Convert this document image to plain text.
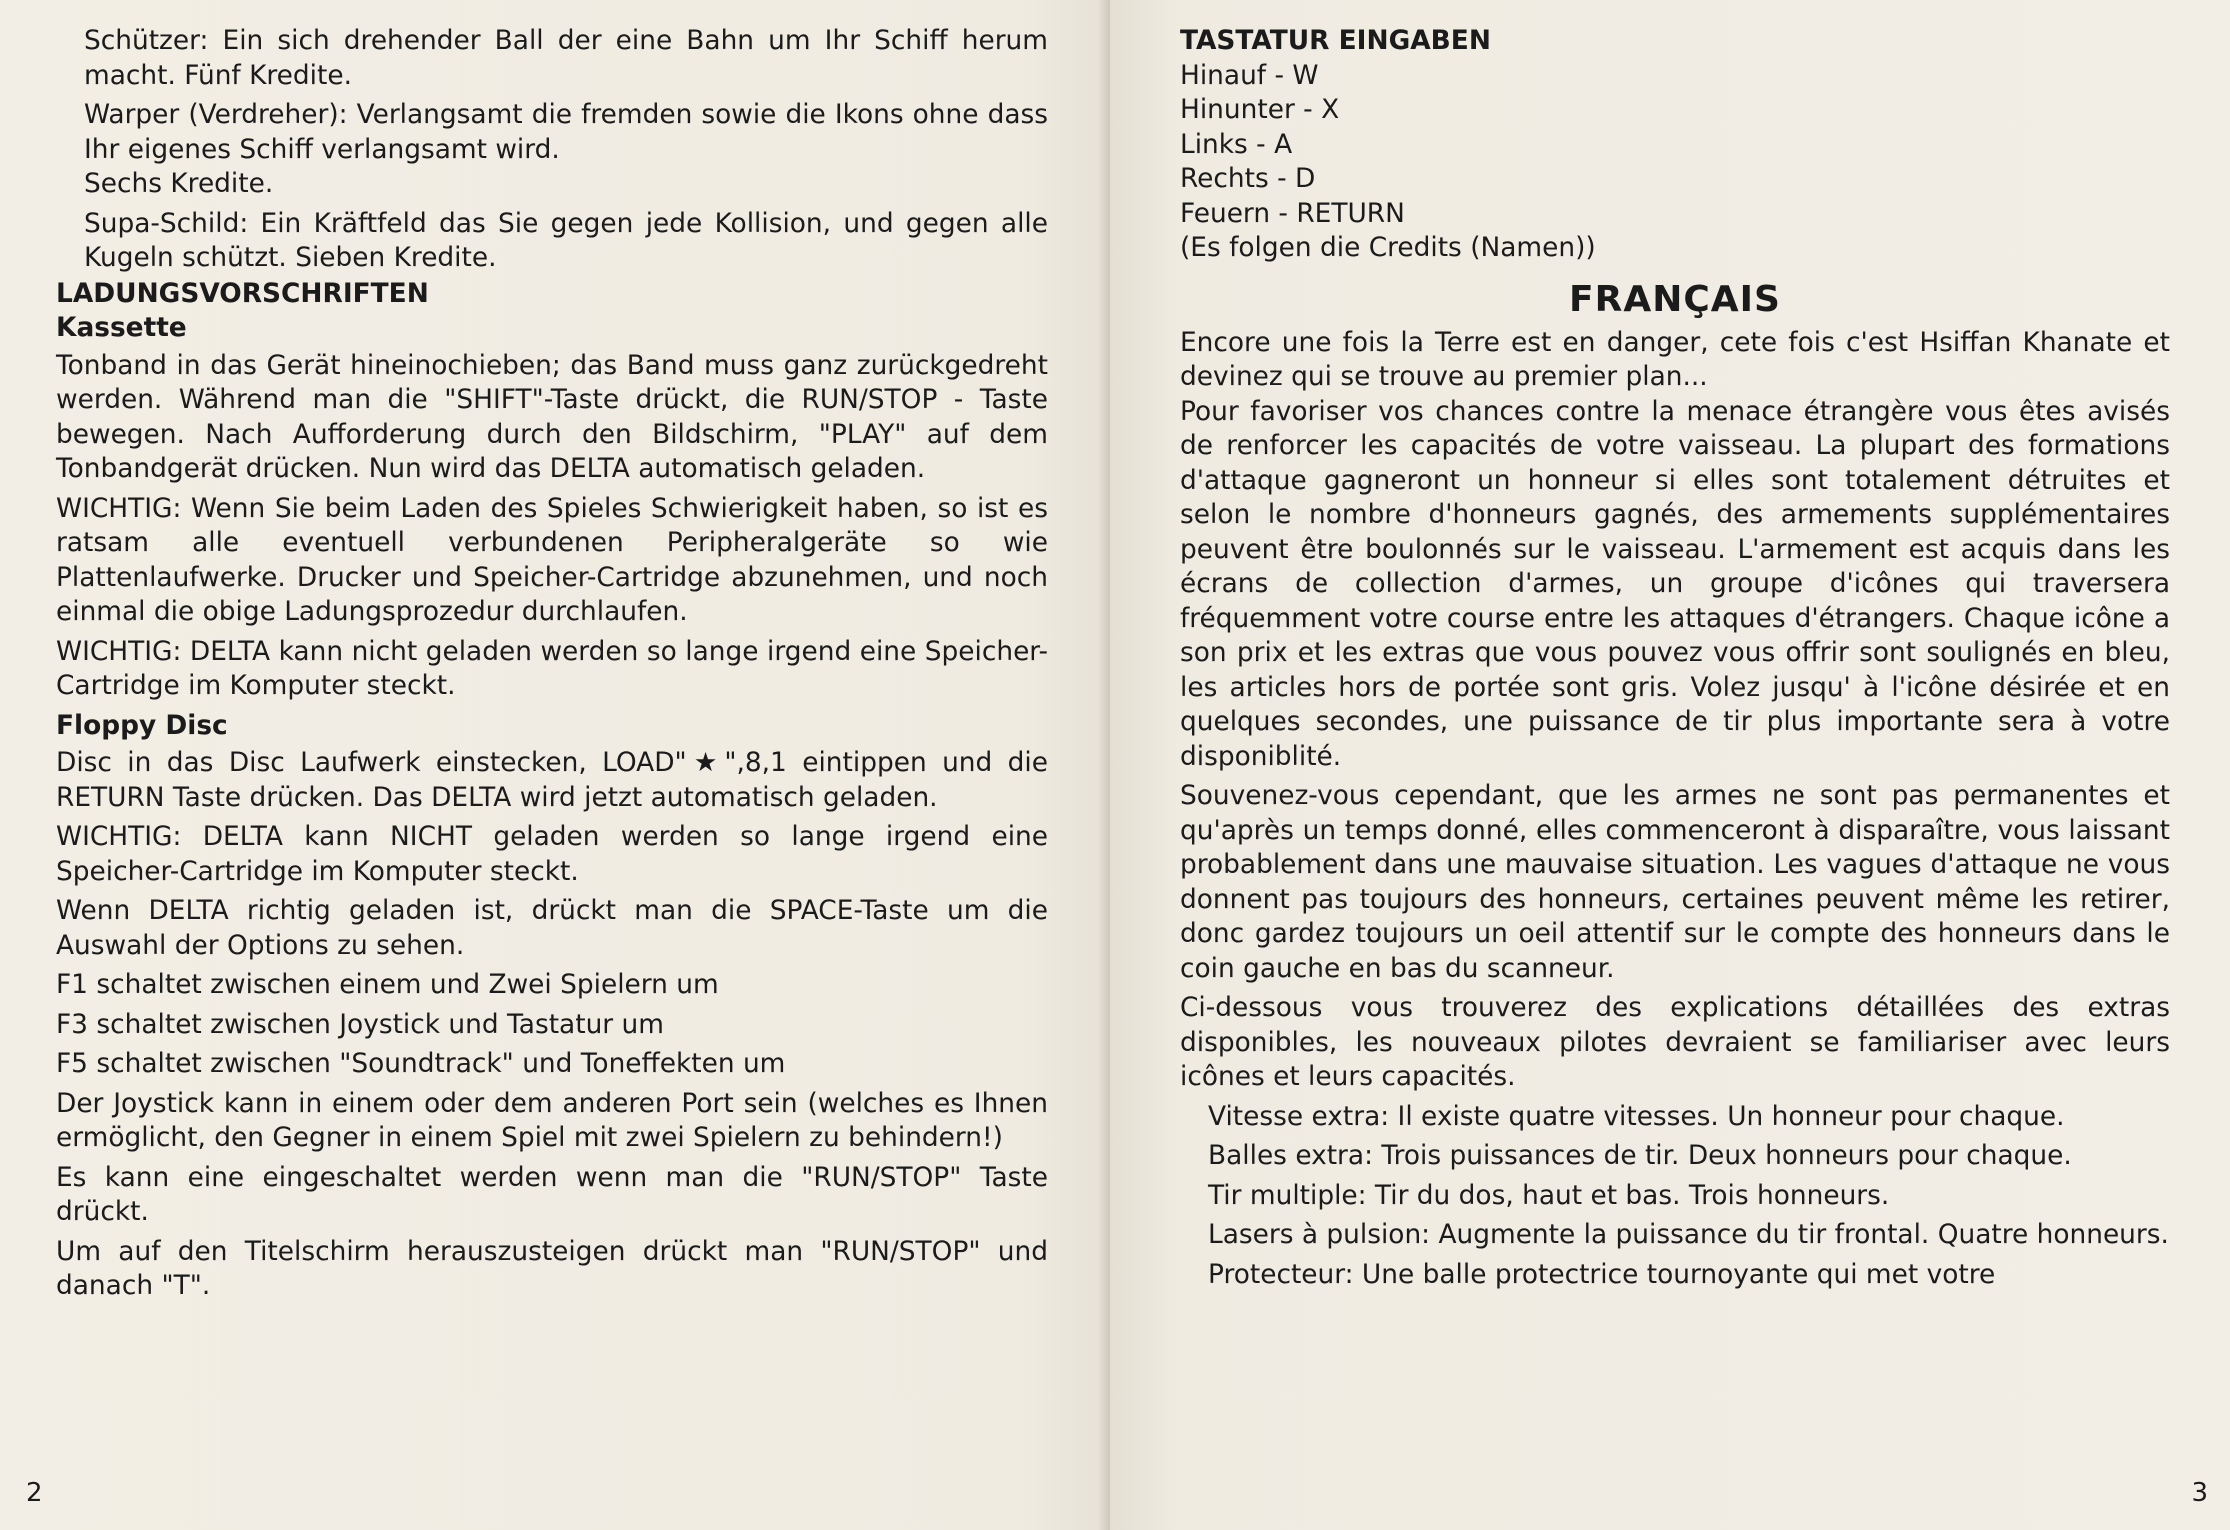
Schützer: Ein sich drehender Ball der eine Bahn um Ihr Schiff herum macht. Fünf Kredite.

Warper (Verdreher): Verlangsamt die fremden sowie die Ikons ohne dass Ihr eigenes Schiff verlangsamt wird.

Sechs Kredite.

Supa-Schild: Ein Kräftfeld das Sie gegen jede Kollision, und gegen alle Kugeln schützt. Sieben Kredite.

LADUNGSVORSCHRIFTEN

Kassette

Tonband in das Gerät hineinochieben; das Band muss ganz zurückgedreht werden. Während man die "SHIFT"-Taste drückt, die RUN/STOP - Taste bewegen. Nach Aufforderung durch den Bildschirm, "PLAY" auf dem Tonbandgerät drücken. Nun wird das DELTA automatisch geladen.

WICHTIG: Wenn Sie beim Laden des Spieles Schwierigkeit haben, so ist es ratsam alle eventuell verbundenen Peripheralgeräte so wie Plattenlaufwerke. Drucker und Speicher-Cartridge abzunehmen, und noch einmal die obige Ladungsprozedur durchlaufen.

WICHTIG: DELTA kann nicht geladen werden so lange irgend eine Speicher-Cartridge im Komputer steckt.

Floppy Disc

Disc in das Disc Laufwerk einstecken, LOAD"★",8,1 eintippen und die RETURN Taste drücken. Das DELTA wird jetzt automatisch geladen.

WICHTIG: DELTA kann NICHT geladen werden so lange irgend eine Speicher-Cartridge im Komputer steckt.

Wenn DELTA richtig geladen ist, drückt man die SPACE-Taste um die Auswahl der Options zu sehen.

F1 schaltet zwischen einem und Zwei Spielern um

F3 schaltet zwischen Joystick und Tastatur um

F5 schaltet zwischen "Soundtrack" und Toneffekten um

Der Joystick kann in einem oder dem anderen Port sein (welches es Ihnen ermöglicht, den Gegner in einem Spiel mit zwei Spielern zu behindern!)

Es kann eine eingeschaltet werden wenn man die "RUN/STOP" Taste drückt.

Um auf den Titelschirm herauszusteigen drückt man "RUN/STOP" und danach "T".

2

TASTATUR EINGABEN

Hinauf - W

Hinunter - X

Links - A

Rechts - D

Feuern - RETURN

(Es folgen die Credits (Namen))

FRANÇAIS

Encore une fois la Terre est en danger, cete fois c'est Hsiffan Khanate et devinez qui se trouve au premier plan...

Pour favoriser vos chances contre la menace étrangère vous êtes avisés de renforcer les capacités de votre vaisseau. La plupart des formations d'attaque gagneront un honneur si elles sont totalement détruites et selon le nombre d'honneurs gagnés, des armements supplémentaires peuvent être boulonnés sur le vaisseau. L'armement est acquis dans les écrans de collection d'armes, un groupe d'icônes qui traversera fréquemment votre course entre les attaques d'étrangers. Chaque icône a son prix et les extras que vous pouvez vous offrir sont soulignés en bleu, les articles hors de portée sont gris. Volez jusqu' à l'icône désirée et en quelques secondes, une puissance de tir plus importante sera à votre disponiblité.

Souvenez-vous cependant, que les armes ne sont pas permanentes et qu'après un temps donné, elles commenceront à disparaître, vous laissant probablement dans une mauvaise situation. Les vagues d'attaque ne vous donnent pas toujours des honneurs, certaines peuvent même les retirer, donc gardez toujours un oeil attentif sur le compte des honneurs dans le coin gauche en bas du scanneur.

Ci-dessous vous trouverez des explications détaillées des extras disponibles, les nouveaux pilotes devraient se familiariser avec leurs icônes et leurs capacités.

Vitesse extra: Il existe quatre vitesses. Un honneur pour chaque.

Balles extra: Trois puissances de tir. Deux honneurs pour chaque.

Tir multiple: Tir du dos, haut et bas. Trois honneurs.

Lasers à pulsion: Augmente la puissance du tir frontal. Quatre honneurs.

Protecteur: Une balle protectrice tournoyante qui met votre

3
